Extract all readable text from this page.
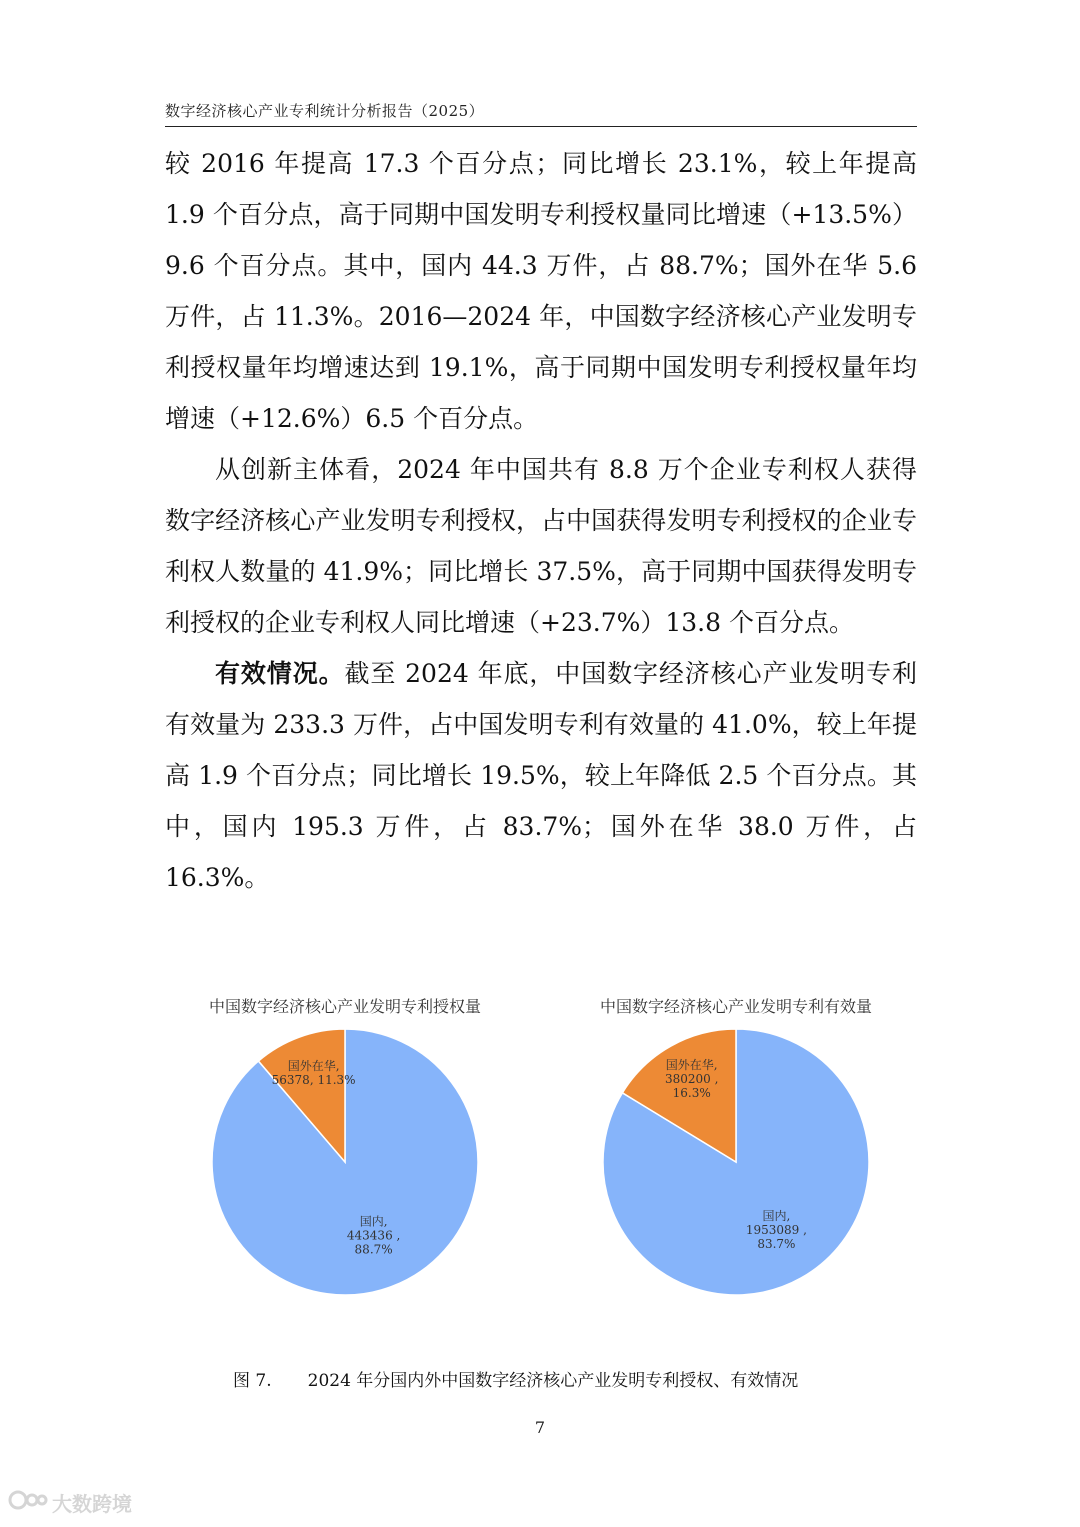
数字经济核心产业专利统计分析报告（2025）

较 2016 年提高 17.3 个百分点；同比增长 23.1%，较上年提高 1.9 个百分点，高于同期中国发明专利授权量同比增速（+13.5%）9.6 个百分点。其中，国内 44.3 万件，占 88.7%；国外在华 5.6 万件，占 11.3%。2016—2024 年，中国数字经济核心产业发明专利授权量年均增速达到 19.1%，高于同期中国发明专利授权量年均增速（+12.6%）6.5 个百分点。

从创新主体看，2024 年中国共有 8.8 万个企业专利权人获得数字经济核心产业发明专利授权，占中国获得发明专利授权的企业专利权人数量的 41.9%；同比增长 37.5%，高于同期中国获得发明专利授权的企业专利权人同比增速（+23.7%）13.8 个百分点。

有效情况。截至 2024 年底，中国数字经济核心产业发明专利有效量为 233.3 万件，占中国发明专利有效量的 41.0%，较上年提高 1.9 个百分点；同比增长 19.5%，较上年降低 2.5 个百分点。其中，国内 195.3 万件，占 83.7%；国外在华 38.0 万件，占 16.3%。

中国数字经济核心产业发明专利授权量
国内, 443436 , 88.7%
国外在华, 56378, 11.3%
中国数字经济核心产业发明专利有效量
国内, 1953089 , 83.7%
国外在华, 380200 , 16.3%
图 7. 2024 年分国内外中国数字经济核心产业发明专利授权、有效情况
7
大数跨境
